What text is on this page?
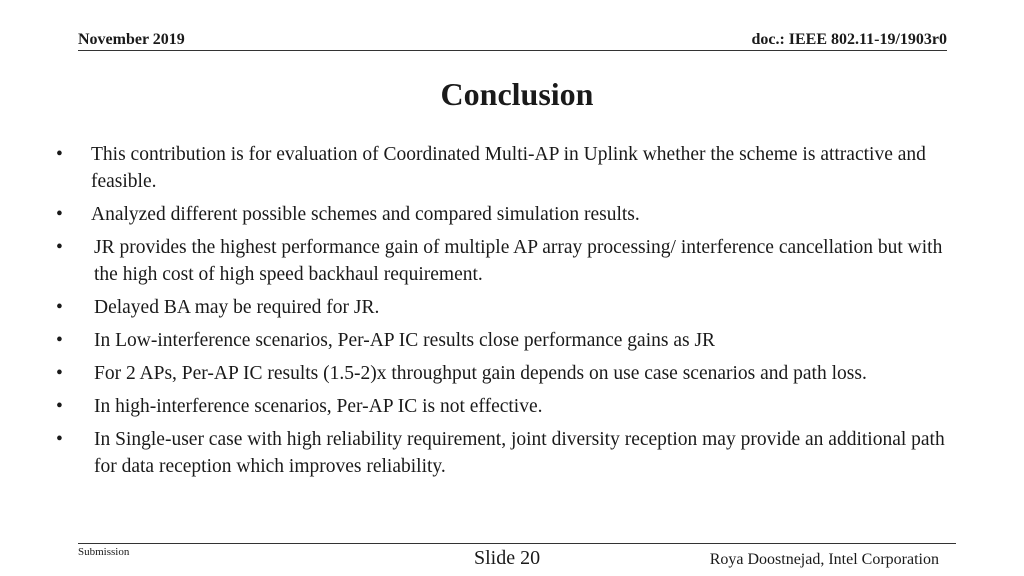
November 2019	doc.: IEEE 802.11-19/1903r0
Conclusion
•	This contribution is for evaluation of Coordinated Multi-AP in Uplink whether the scheme is attractive and feasible.
•	Analyzed different possible schemes and compared simulation results.
•	JR provides the highest performance gain of multiple AP array processing/ interference cancellation but with the high cost of high speed backhaul requirement.
•	Delayed BA may be required for JR.
•	In Low-interference scenarios, Per-AP IC results close performance gains as JR
•	For 2 APs, Per-AP IC results (1.5-2)x throughput gain depends on use case scenarios and path loss.
•	In high-interference scenarios, Per-AP IC is not effective.
•	In Single-user case with high reliability requirement, joint diversity reception may provide an additional path for data reception which improves reliability.
Submission	Slide 20	Roya Doostnejad, Intel Corporation
